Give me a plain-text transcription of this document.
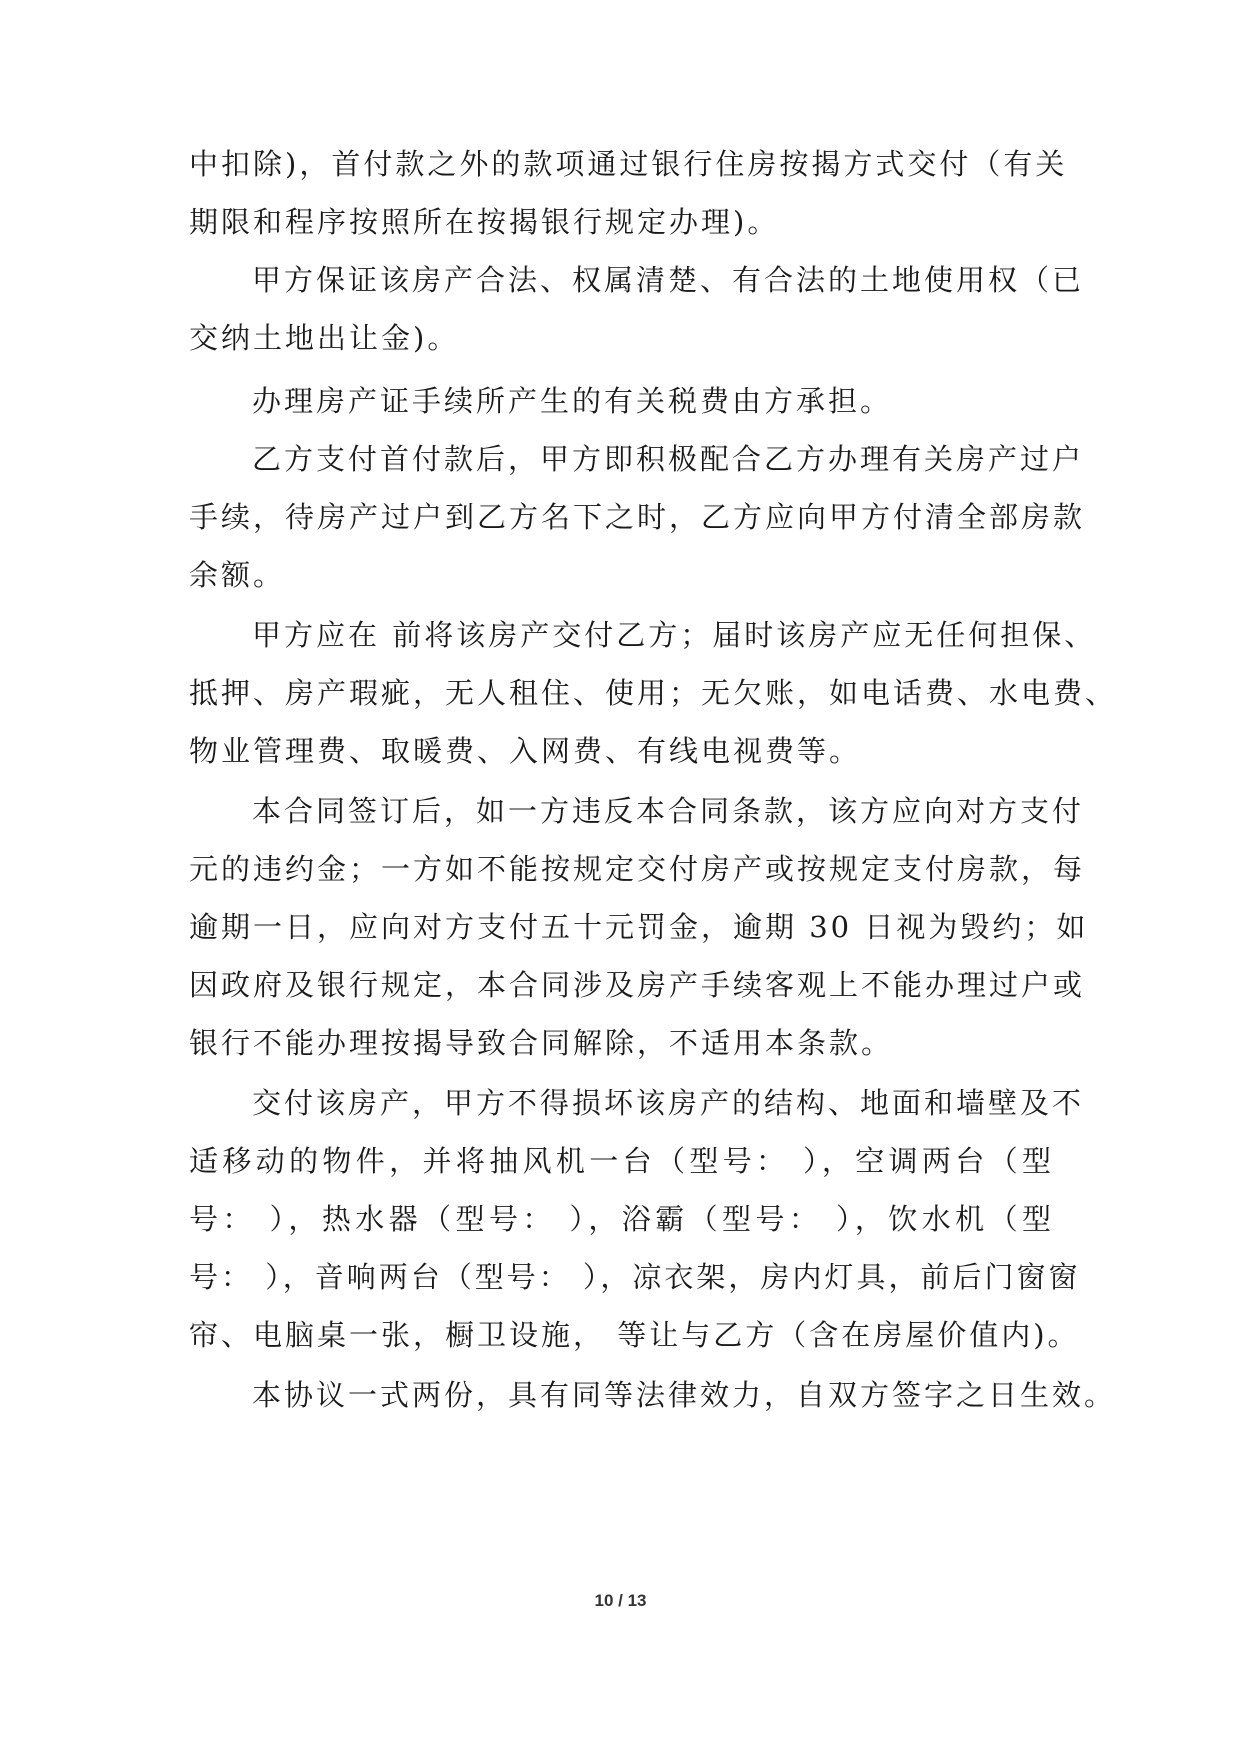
中扣除)，首付款之外的款项通过银行住房按揭方式交付（有关
期限和程序按照所在按揭银行规定办理)。
甲方保证该房产合法、权属清楚、有合法的土地使用权（已
交纳土地出让金)。
办理房产证手续所产生的有关税费由方承担。
乙方支付首付款后，甲方即积极配合乙方办理有关房产过户
手续，待房产过户到乙方名下之时，乙方应向甲方付清全部房款
余额。
甲方应在 前将该房产交付乙方；届时该房产应无任何担保、
抵押、房产瑕疵，无人租住、使用；无欠账，如电话费、水电费、
物业管理费、取暖费、入网费、有线电视费等。
本合同签订后，如一方违反本合同条款，该方应向对方支付
元的违约金；一方如不能按规定交付房产或按规定支付房款，每
逾期一日，应向对方支付五十元罚金，逾期 30 日视为毁约；如
因政府及银行规定，本合同涉及房产手续客观上不能办理过户或
银行不能办理按揭导致合同解除，不适用本条款。
交付该房产，甲方不得损坏该房产的结构、地面和墙壁及不
适移动的物件，并将抽风机一台（型号： ），空调两台（型
号： ），热水器（型号： ），浴霸（型号： ），饮水机（型
号： ），音响两台（型号： ），凉衣架，房内灯具，前后门窗窗
帘、电脑桌一张，橱卫设施， 等让与乙方（含在房屋价值内)。
本协议一式两份，具有同等法律效力，自双方签字之日生效。
10 / 13
